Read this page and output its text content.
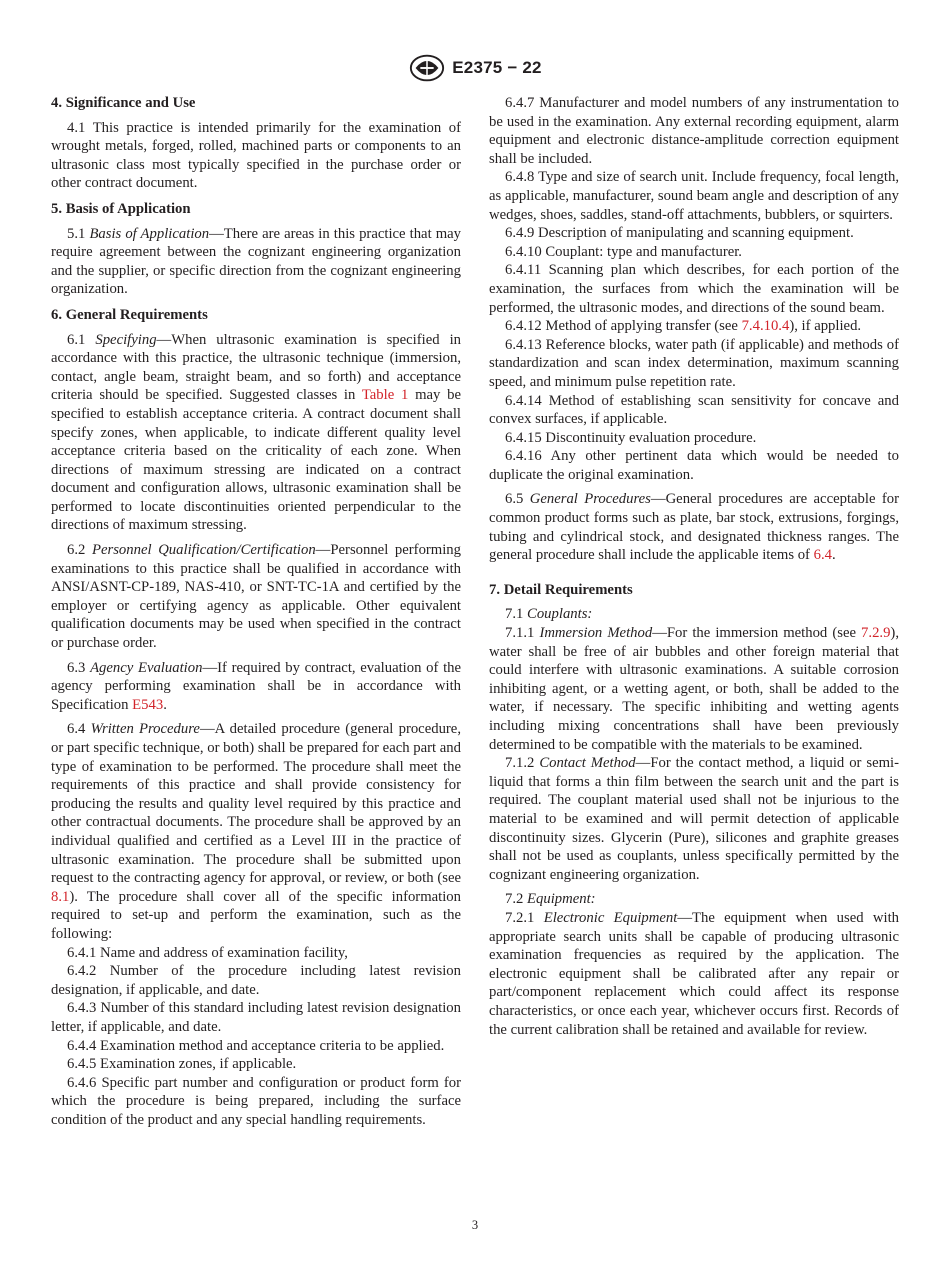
E2375 − 22
4. Significance and Use

4.1 This practice is intended primarily for the examination of wrought metals, forged, rolled, machined parts or components to an ultrasonic class most typically specified in the purchase order or other contract document.

5. Basis of Application

5.1 Basis of Application—There are areas in this practice that may require agreement between the cognizant engineering organization and the supplier, or specific direction from the cognizant engineering organization.

6. General Requirements

6.1 Specifying—When ultrasonic examination is specified in accordance with this practice, the ultrasonic technique (immersion, contact, angle beam, straight beam, and so forth) and acceptance criteria should be specified. Suggested classes in Table 1 may be specified to establish acceptance criteria. A contract document shall specify zones, when applicable, to indicate different quality level acceptance criteria based on the criticality of each zone. When directions of maximum stressing are indicated on a contract document and configuration allows, ultrasonic examination shall be performed to locate discontinuities oriented perpendicular to the directions of maximum stressing.

6.2 Personnel Qualification/Certification—Personnel performing examinations to this practice shall be qualified in accordance with ANSI/ASNT-CP-189, NAS-410, or SNT-TC-1A and certified by the employer or certifying agency as applicable. Other equivalent qualification documents may be used when specified in the contract or purchase order.

6.3 Agency Evaluation—If required by contract, evaluation of the agency performing examination shall be in accordance with Specification E543.

6.4 Written Procedure—A detailed procedure (general procedure, or part specific technique, or both) shall be prepared for each part and type of examination to be performed. The procedure shall meet the requirements of this practice and shall provide consistency for producing the results and quality level required by this practice and other contractual documents. The procedure shall be approved by an individual qualified and certified as a Level III in the practice of ultrasonic examination. The procedure shall be submitted upon request to the contracting agency for approval, or review, or both (see 8.1). The procedure shall cover all of the specific information required to set-up and perform the examination, such as the following:

6.4.1 Name and address of examination facility,

6.4.2 Number of the procedure including latest revision designation, if applicable, and date.

6.4.3 Number of this standard including latest revision designation letter, if applicable, and date.

6.4.4 Examination method and acceptance criteria to be applied.

6.4.5 Examination zones, if applicable.

6.4.6 Specific part number and configuration or product form for which the procedure is being prepared, including the surface condition of the product and any special handling requirements.

6.4.7 Manufacturer and model numbers of any instrumentation to be used in the examination. Any external recording equipment, alarm equipment and electronic distance-amplitude correction equipment shall be included.

6.4.8 Type and size of search unit. Include frequency, focal length, as applicable, manufacturer, sound beam angle and description of any wedges, shoes, saddles, stand-off attachments, bubblers, or squirters.

6.4.9 Description of manipulating and scanning equipment.

6.4.10 Couplant: type and manufacturer.

6.4.11 Scanning plan which describes, for each portion of the examination, the surfaces from which the examination will be performed, the ultrasonic modes, and directions of the sound beam.

6.4.12 Method of applying transfer (see 7.4.10.4), if applied.

6.4.13 Reference blocks, water path (if applicable) and methods of standardization and scan index determination, maximum scanning speed, and minimum pulse repetition rate.

6.4.14 Method of establishing scan sensitivity for concave and convex surfaces, if applicable.

6.4.15 Discontinuity evaluation procedure.

6.4.16 Any other pertinent data which would be needed to duplicate the original examination.

6.5 General Procedures—General procedures are acceptable for common product forms such as plate, bar stock, extrusions, forgings, tubing and cylindrical stock, and designated thickness ranges. The general procedure shall include the applicable items of 6.4.

7. Detail Requirements

7.1 Couplants:

7.1.1 Immersion Method—For the immersion method (see 7.2.9), water shall be free of air bubbles and other foreign material that could interfere with ultrasonic examinations. A suitable corrosion inhibiting agent, or a wetting agent, or both, shall be added to the water, if necessary. The specific inhibiting and wetting agents including mixing concentrations shall have been previously determined to be compatible with the materials to be examined.

7.1.2 Contact Method—For the contact method, a liquid or semi-liquid that forms a thin film between the search unit and the part is required. The couplant material used shall not be injurious to the material to be examined and will permit detection of applicable discontinuity sizes. Glycerin (Pure), silicones and graphite greases shall not be used as couplants, unless specifically permitted by the cognizant engineering organization.

7.2 Equipment:

7.2.1 Electronic Equipment—The equipment when used with appropriate search units shall be capable of producing ultrasonic examination frequencies as required by the application. The electronic equipment shall be calibrated after any repair or part/component replacement which could affect its response characteristics, or once each year, whichever occurs first. Records of the current calibration shall be retained and available for review.

3
